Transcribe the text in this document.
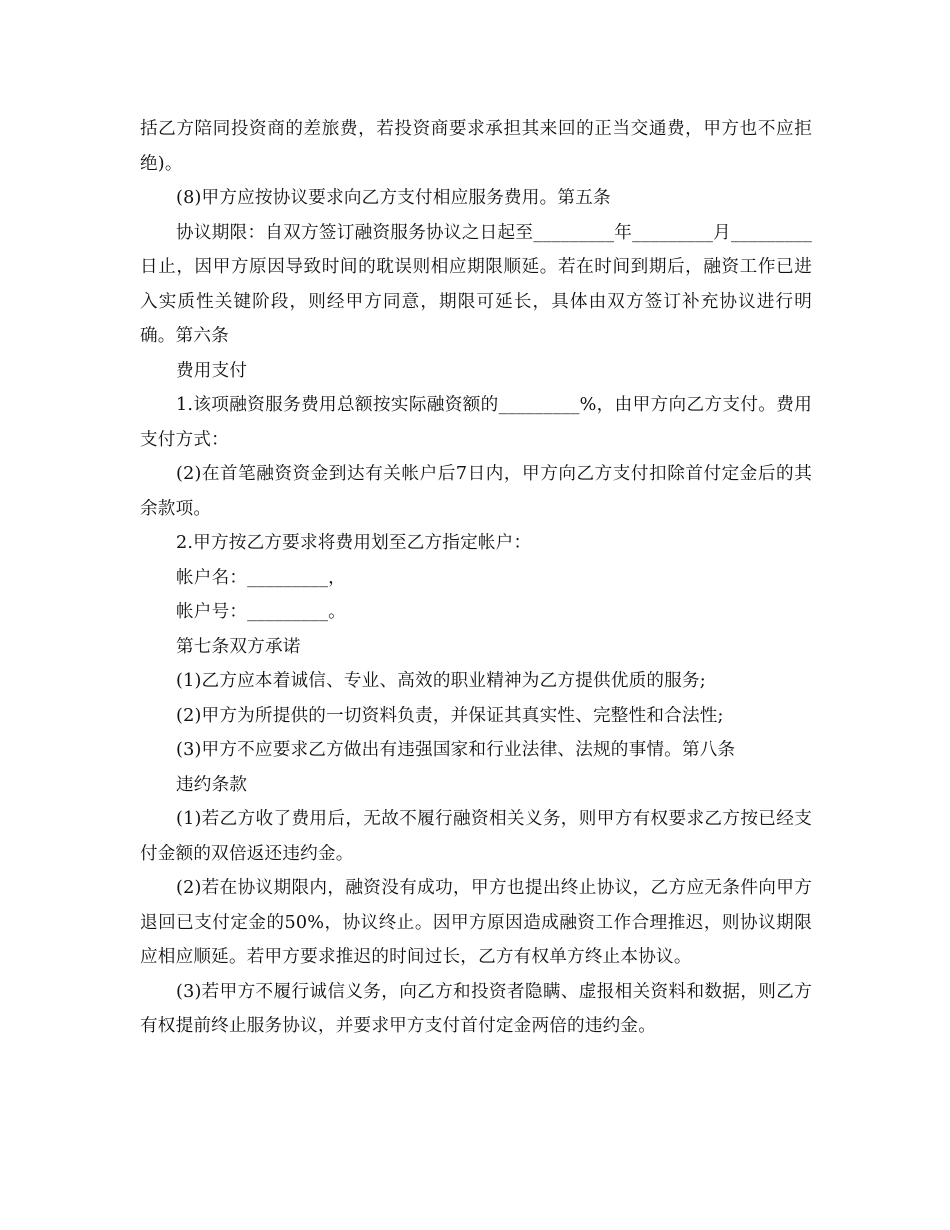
括乙方陪同投资商的差旅费，若投资商要求承担其来回的正当交通费，甲方也不应拒绝)。

(8)甲方应按协议要求向乙方支付相应服务费用。第五条

协议期限：自双方签订融资服务协议之日起至_________年_________月_________日止，因甲方原因导致时间的耽误则相应期限顺延。若在时间到期后，融资工作已进入实质性关键阶段，则经甲方同意，期限可延长，具体由双方签订补充协议进行明确。第六条

费用支付

1.该项融资服务费用总额按实际融资额的_________%，由甲方向乙方支付。费用支付方式：

(2)在首笔融资资金到达有关帐户后7日内，甲方向乙方支付扣除首付定金后的其余款项。

2.甲方按乙方要求将费用划至乙方指定帐户：

帐户名：_________，

帐户号：_________。

第七条双方承诺

(1)乙方应本着诚信、专业、高效的职业精神为乙方提供优质的服务;

(2)甲方为所提供的一切资料负责，并保证其真实性、完整性和合法性;

(3)甲方不应要求乙方做出有违强国家和行业法律、法规的事情。第八条

违约条款

(1)若乙方收了费用后，无故不履行融资相关义务，则甲方有权要求乙方按已经支付金额的双倍返还违约金。

(2)若在协议期限内，融资没有成功，甲方也提出终止协议，乙方应无条件向甲方退回已支付定金的50%，协议终止。因甲方原因造成融资工作合理推迟，则协议期限应相应顺延。若甲方要求推迟的时间过长，乙方有权单方终止本协议。

(3)若甲方不履行诚信义务，向乙方和投资者隐瞒、虚报相关资料和数据，则乙方有权提前终止服务协议，并要求甲方支付首付定金两倍的违约金。
